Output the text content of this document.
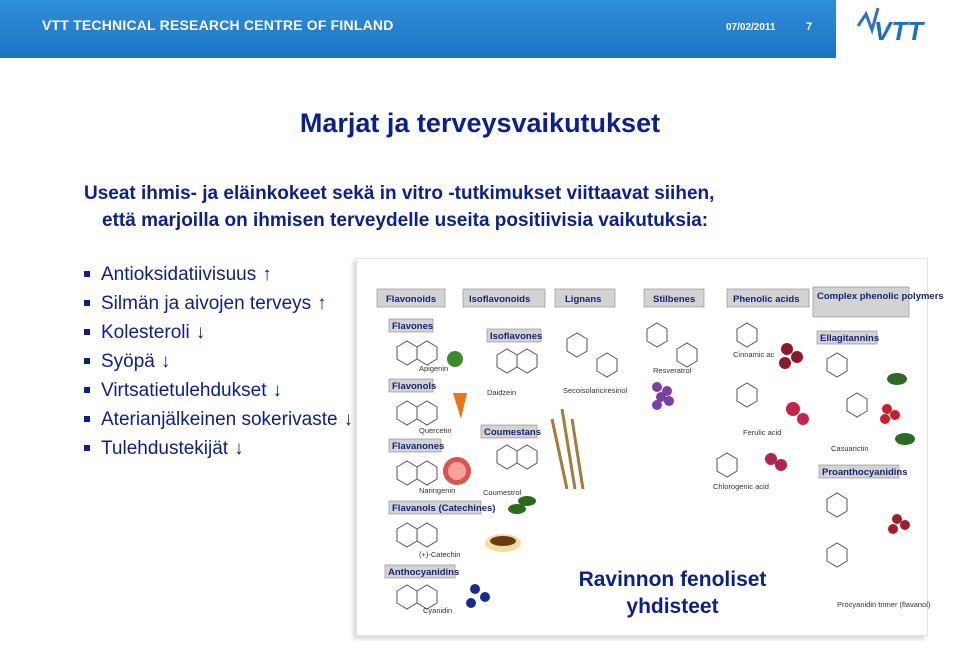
VTT TECHNICAL RESEARCH CENTRE OF FINLAND	07/02/2011	7 VTT
Marjat ja terveysvaikutukset
Useat ihmis- ja eläinkokeet sekä in vitro -tutkimukset viittaavat siihen,
että marjoilla on ihmisen terveydelle useita positiivisia vaikutuksia:
Antioksidatiivisuus ↑
Silmän ja aivojen terveys ↑
Kolesteroli ↓
Syöpä ↓
Virtsatietulehdukset ↓
Aterianjälkeinen sokerivaste ↓
Tulehdustekijät ↓
Flavonoids	Isoflavonoids	Lignans	Stilbenes	Phenolic acids Complex phenolic polymers
Flavones
Flavonols
Flavanones
Flavanols (Catechines)
Anthocyanidins
Isoflavones
Coumestans
Ellagitannins
Proanthocyanidins
Apigenin
Quercetin
Naringenin
(+)-Catechin
Cyanidin
Daidzein
Coumestrol
Secoisolariciresinol
Resveratrol
Cinnamic ac
Ferulic acid
Chlorogenic acid
Casuarictin
Procyanidin trimer (flavanol)
Ravinnon fenoliset
yhdisteet
